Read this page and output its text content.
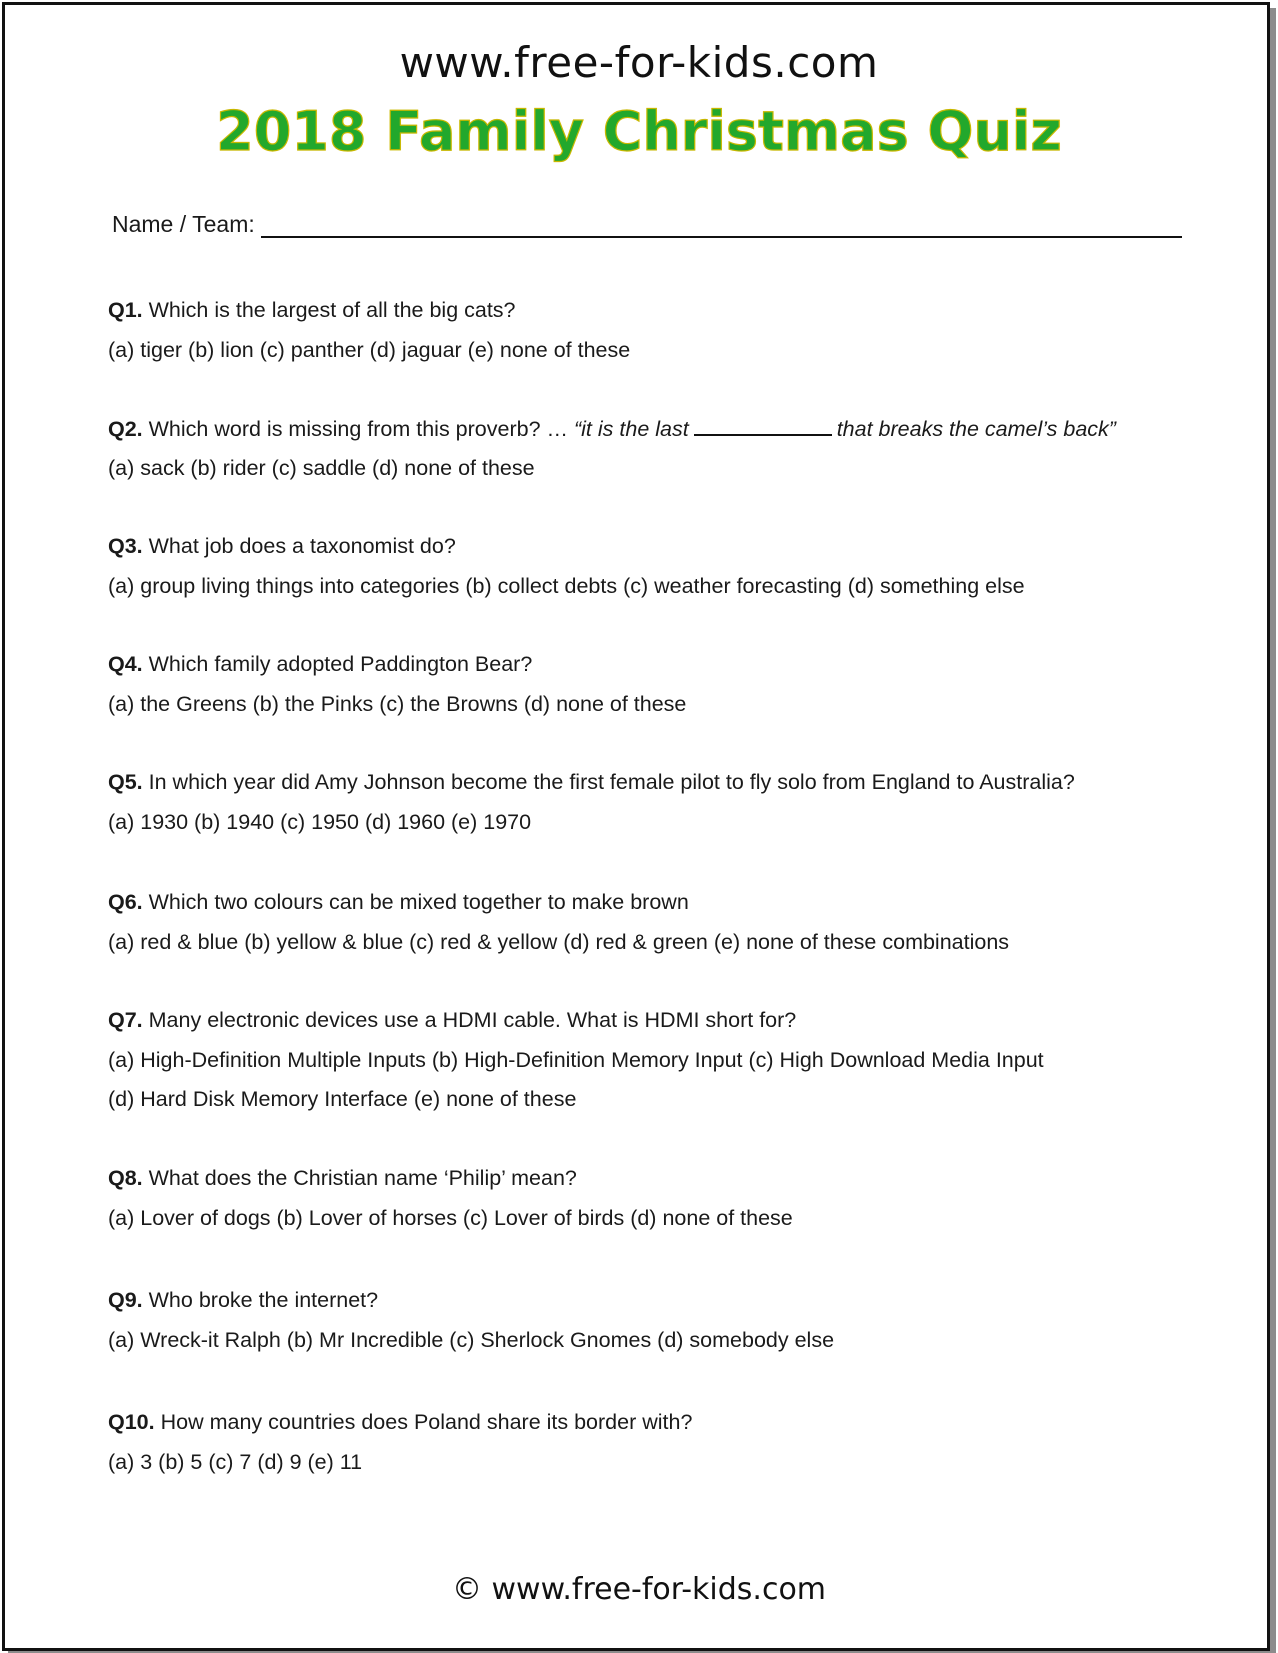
www.free-for-kids.com
2018 Family Christmas Quiz
Name / Team:
Q1. Which is the largest of all the big cats?
(a) tiger (b) lion (c) panther (d) jaguar (e) none of these
Q2. Which word is missing from this proverb? … “it is the last	that breaks the camel’s back”
(a) sack (b) rider (c) saddle (d) none of these
Q3. What job does a taxonomist do?
(a) group living things into categories (b) collect debts (c) weather forecasting (d) something else
Q4. Which family adopted Paddington Bear?
(a) the Greens (b) the Pinks (c) the Browns (d) none of these
Q5. In which year did Amy Johnson become the first female pilot to fly solo from England to Australia?
(a) 1930 (b) 1940 (c) 1950 (d) 1960 (e) 1970
Q6. Which two colours can be mixed together to make brown
(a) red & blue (b) yellow & blue (c) red & yellow (d) red & green (e) none of these combinations
Q7. Many electronic devices use a HDMI cable. What is HDMI short for?
(a) High-Definition Multiple Inputs (b) High-Definition Memory Input (c) High Download Media Input
(d) Hard Disk Memory Interface (e) none of these
Q8. What does the Christian name ‘Philip’ mean?
(a) Lover of dogs (b) Lover of horses (c) Lover of birds (d) none of these
Q9. Who broke the internet?
(a) Wreck-it Ralph (b) Mr Incredible (c) Sherlock Gnomes (d) somebody else
Q10. How many countries does Poland share its border with?
(a) 3 (b) 5 (c) 7 (d) 9 (e) 11
© www.free-for-kids.com
